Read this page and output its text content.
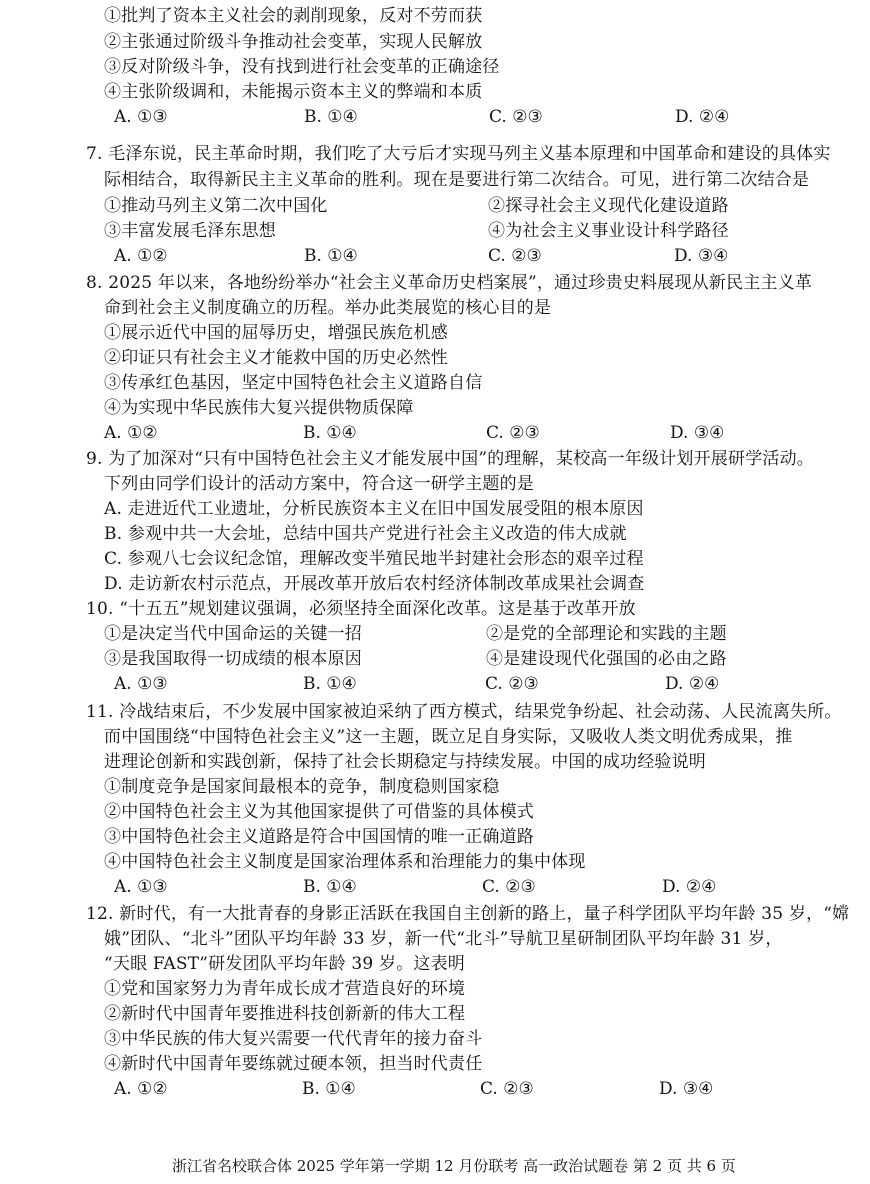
①批判了资本主义社会的剥削现象，反对不劳而获
②主张通过阶级斗争推动社会变革，实现人民解放
③反对阶级斗争，没有找到进行社会变革的正确途径
④主张阶级调和，未能揭示资本主义的弊端和本质
A. ①③	B. ①④	C. ②③	D. ②④
7. 毛泽东说，民主革命时期，我们吃了大亏后才实现马列主义基本原理和中国革命和建设的具体实
际相结合，取得新民主主义革命的胜利。现在是要进行第二次结合。可见，进行第二次结合是
①推动马列主义第二次中国化	②探寻社会主义现代化建设道路
③丰富发展毛泽东思想	④为社会主义事业设计科学路径
A. ①②	B. ①④	C. ②③	D. ③④
8. 2025 年以来，各地纷纷举办“社会主义革命历史档案展”，通过珍贵史料展现从新民主主义革
命到社会主义制度确立的历程。举办此类展览的核心目的是
①展示近代中国的屈辱历史，增强民族危机感
②印证只有社会主义才能救中国的历史必然性
③传承红色基因，坚定中国特色社会主义道路自信
④为实现中华民族伟大复兴提供物质保障
A. ①②	B. ①④	C. ②③	D. ③④
9. 为了加深对“只有中国特色社会主义才能发展中国”的理解，某校高一年级计划开展研学活动。
下列由同学们设计的活动方案中，符合这一研学主题的是
A. 走进近代工业遗址，分析民族资本主义在旧中国发展受阻的根本原因
B. 参观中共一大会址，总结中国共产党进行社会主义改造的伟大成就
C. 参观八七会议纪念馆，理解改变半殖民地半封建社会形态的艰辛过程
D. 走访新农村示范点，开展改革开放后农村经济体制改革成果社会调查
10. “十五五”规划建议强调，必须坚持全面深化改革。这是基于改革开放
①是决定当代中国命运的关键一招	②是党的全部理论和实践的主题
③是我国取得一切成绩的根本原因	④是建设现代化强国的必由之路
A. ①③	B. ①④	C. ②③	D. ②④
11. 冷战结束后，不少发展中国家被迫采纳了西方模式，结果党争纷起、社会动荡、人民流离失所。
而中国围绕“中国特色社会主义”这一主题，既立足自身实际，又吸收人类文明优秀成果，推
进理论创新和实践创新，保持了社会长期稳定与持续发展。中国的成功经验说明
①制度竞争是国家间最根本的竞争，制度稳则国家稳
②中国特色社会主义为其他国家提供了可借鉴的具体模式
③中国特色社会主义道路是符合中国国情的唯一正确道路
④中国特色社会主义制度是国家治理体系和治理能力的集中体现
A. ①③	B. ①④	C. ②③	D. ②④
12. 新时代，有一大批青春的身影正活跃在我国自主创新的路上，量子科学团队平均年龄 35 岁，“嫦
娥”团队、“北斗”团队平均年龄 33 岁，新一代“北斗”导航卫星研制团队平均年龄 31 岁，
“天眼 FAST”研发团队平均年龄 39 岁。这表明
①党和国家努力为青年成长成才营造良好的环境
②新时代中国青年要推进科技创新新的伟大工程
③中华民族的伟大复兴需要一代代青年的接力奋斗
④新时代中国青年要练就过硬本领，担当时代责任
A. ①②	B. ①④	C. ②③	D. ③④
浙江省名校联合体 2025 学年第一学期 12 月份联考 高一政治试题卷 第 2 页 共 6 页
